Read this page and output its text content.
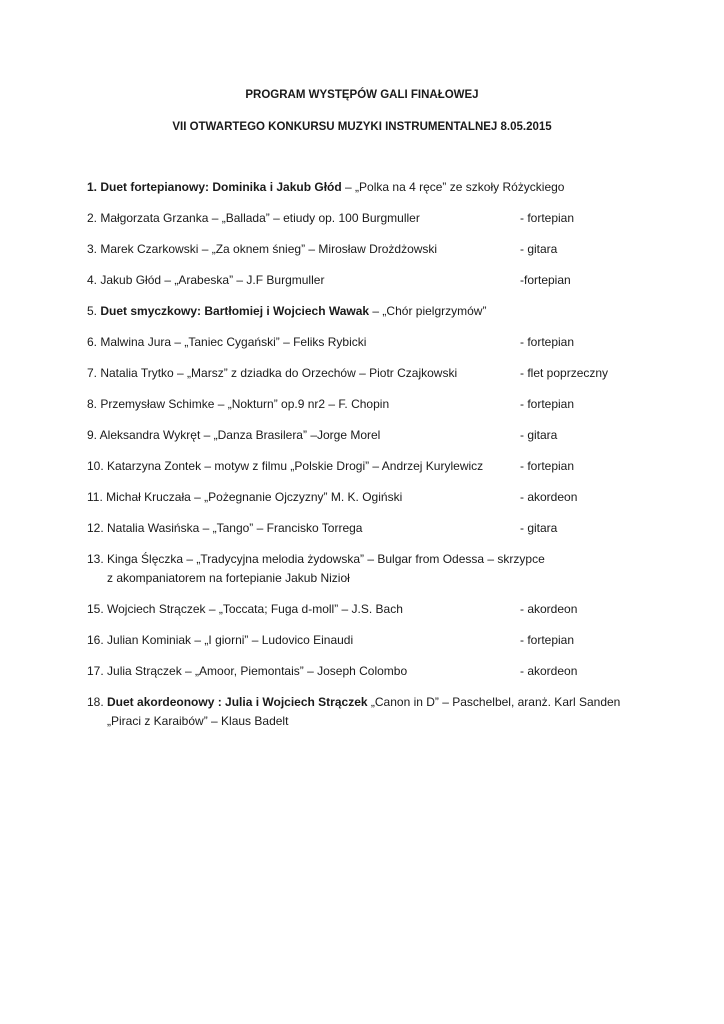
PROGRAM WYSTĘPÓW GALI FINAŁOWEJ
VII OTWARTEGO KONKURSU MUZYKI INSTRUMENTALNEJ 8.05.2015
1. Duet fortepianowy: Dominika i Jakub Głód – „Polka na 4 ręce” ze szkoły Różyckiego
2. Małgorzata Grzanka – „Ballada” – etiudy op. 100 Burgmuller	- fortepian
3. Marek Czarkowski – „Za oknem śnieg” – Mirosław Drożdżowski	- gitara
4. Jakub Głód – „Arabeska” – J.F Burgmuller	-fortepian
5. Duet smyczkowy: Bartłomiej i Wojciech Wawak – „Chór pielgrzymów”
6. Malwina Jura – „Taniec Cygański” – Feliks Rybicki	- fortepian
7. Natalia Trytko – „Marsz” z dziadka do Orzechów – Piotr Czajkowski	- flet poprzeczny
8. Przemysław Schimke – „Nokturn” op.9 nr2 – F. Chopin	- fortepian
9. Aleksandra Wykręt – „Danza Brasilera” –Jorge Morel	- gitara
10. Katarzyna Zontek – motyw z filmu „Polskie Drogi” – Andrzej Kurylewicz	- fortepian
11. Michał Kruczała – „Pożegnanie Ojczyzny” M. K. Ogiński	- akordeon
12. Natalia Wasińska – „Tango” – Francisko Torrega	- gitara
13. Kinga Ślęczka – „Tradycyjna melodia żydowska” – Bulgar from Odessa – skrzypce
z akompaniatorem na fortepianie Jakub Nizioł
15. Wojciech Strączek – „Toccata; Fuga d-moll” – J.S. Bach	- akordeon
16. Julian Kominiak – „I giorni” – Ludovico Einaudi	- fortepian
17. Julia Strączek – „Amoor, Piemontais” – Joseph Colombo	- akordeon
18. Duet akordeonowy : Julia i Wojciech Strączek „Canon in D” – Paschelbel, aranż. Karl Sanden
„Piraci z Karaibów” – Klaus Badelt
